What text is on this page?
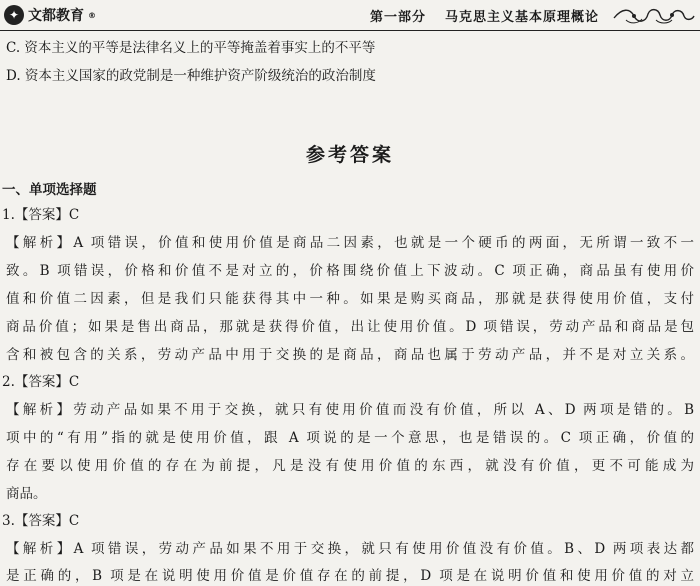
✦ 文都教育 ®	第一部分 马克思主义基本原理概论
C. 资本主义的平等是法律名义上的平等掩盖着事实上的不平等
D. 资本主义国家的政党制是一种维护资产阶级统治的政治制度
参考答案
一、单项选择题
1.【答案】C
【解析】A 项错误，价值和使用价值是商品二因素，也就是一个硬币的两面，无所谓一致不一
致。B 项错误，价格和价值不是对立的，价格围绕价值上下波动。C 项正确，商品虽有使用价
值和价值二因素，但是我们只能获得其中一种。如果是购买商品，那就是获得使用价值，支付
商品价值；如果是售出商品，那就是获得价值，出让使用价值。D 项错误，劳动产品和商品是包
含和被包含的关系，劳动产品中用于交换的是商品，商品也属于劳动产品，并不是对立关系。
2.【答案】C
【解析】劳动产品如果不用于交换，就只有使用价值而没有价值，所以 A、D 两项是错的。B
项中的“有用”指的就是使用价值，跟 A 项说的是一个意思，也是错误的。C 项正确，价值的
存在要以使用价值的存在为前提，凡是没有使用价值的东西，就没有价值，更不可能成为
商品。
3.【答案】C
【解析】A 项错误，劳动产品如果不用于交换，就只有使用价值没有价值。B、D 两项表达都
是正确的，B 项是在说明使用价值是价值存在的前提，D 项是在说明价值和使用价值的对立
